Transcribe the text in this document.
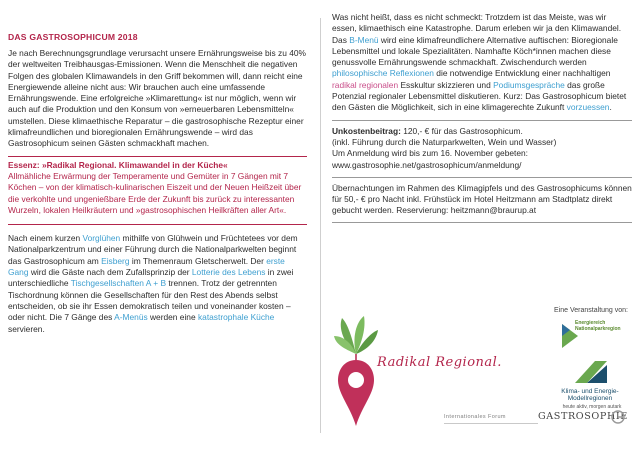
DAS GASTROSOPHICUM 2018

Je nach Berechnungsgrundlage verursacht unsere Ernährungsweise bis zu 40% der weltweiten Treibhausgas-Emissionen. Wenn die Menschheit die negativen Folgen des globalen Klimawandels in den Griff bekommen will, dann reicht eine Energiewende alleine nicht aus: Wir brauchen auch eine umfassende Ernährungswende. Eine erfolgreiche »Klimarettung« ist nur möglich, wenn wir auch auf die Produktion und den Konsum von »erneuerbaren Lebensmitteln« umstellen. Diese klimaethische Reparatur – die gastrosophische Rezeptur einer klimafreundlichen und bioregionalen Ernährungswende – wird das Gastrosophicum seinen Gästen schmackhaft machen.

Essenz: »Radikal Regional. Klimawandel in der Küche«
Allmähliche Erwärmung der Temperamente und Gemüter in 7 Gängen mit 7 Köchen – von der klimatisch-kulinarischen Eiszeit und der Neuen Heißzeit über die verkohlte und ungenießbare Erde der Zukunft bis zurück zu interessanten Wurzeln, lokalen Heilkräutern und »gastrosophischen Heilkräften aller Art«.

Nach einem kurzen Vorglühen mithilfe von Glühwein und Früchtetees vor dem Nationalparkzentrum und einer Führung durch die Nationalparkwelten beginnt das Gastrosophicum am Eisberg im Themenraum Gletscherwelt. Der erste Gang wird die Gäste nach dem Zufallsprinzip der Lotterie des Lebens in zwei unterschiedliche Tischgesellschaften A + B trennen. Trotz der getrennten Tischordnung können die Gesellschaften für den Rest des Abends selbst entscheiden, ob sie ihr Essen demokratisch teilen und voneinander kosten – oder nicht. Die 7 Gänge des A-Menüs werden eine katastrophale Küche servieren.

Was nicht heißt, dass es nicht schmeckt: Trotzdem ist das Meiste, was wir essen, klimaethisch eine Katastrophe. Darum erleben wir ja den Klimawandel. Das B-Menü wird eine klimafreundlichere Alternative auftischen: Bioregionale Lebensmittel und lokale Spezialitäten. Namhafte Köch*innen machen diese genussvolle Ernährungswende schmackhaft. Zwischendurch werden philosophische Reflexionen die notwendige Entwicklung einer nachhaltigen radikal regionalen Esskultur skizzieren und Podiumsgespräche das große Potenzial regionaler Lebensmittel diskutieren. Kurz: Das Gastrosophicum bietet den Gästen die Möglichkeit, sich in eine klimagerechte Zukunft vorzuessen.

Unkostenbeitrag: 120,- € für das Gastrosophicum.

(inkl. Führung durch die Naturparkwelten, Wein und Wasser)

Um Anmeldung wird bis zum 16. November gebeten:

www.gastrosophie.net/gastrosophicum/anmeldung/

Übernachtungen im Rahmen des Klimagipfels und des Gastrosophicums können für 50,- € pro Nacht inkl. Frühstück im Hotel Heitzmann am Stadtplatz direkt gebucht werden. Reservierung: heitzmann@braurup.at

Eine Veranstaltung von:
Radikal Regional.
Energiereich
Nationalparkregion
Klima- und Energie-
Modellregionen
heute aktiv, morgen autark
Internationales Forum	GASTROSOPHIE
